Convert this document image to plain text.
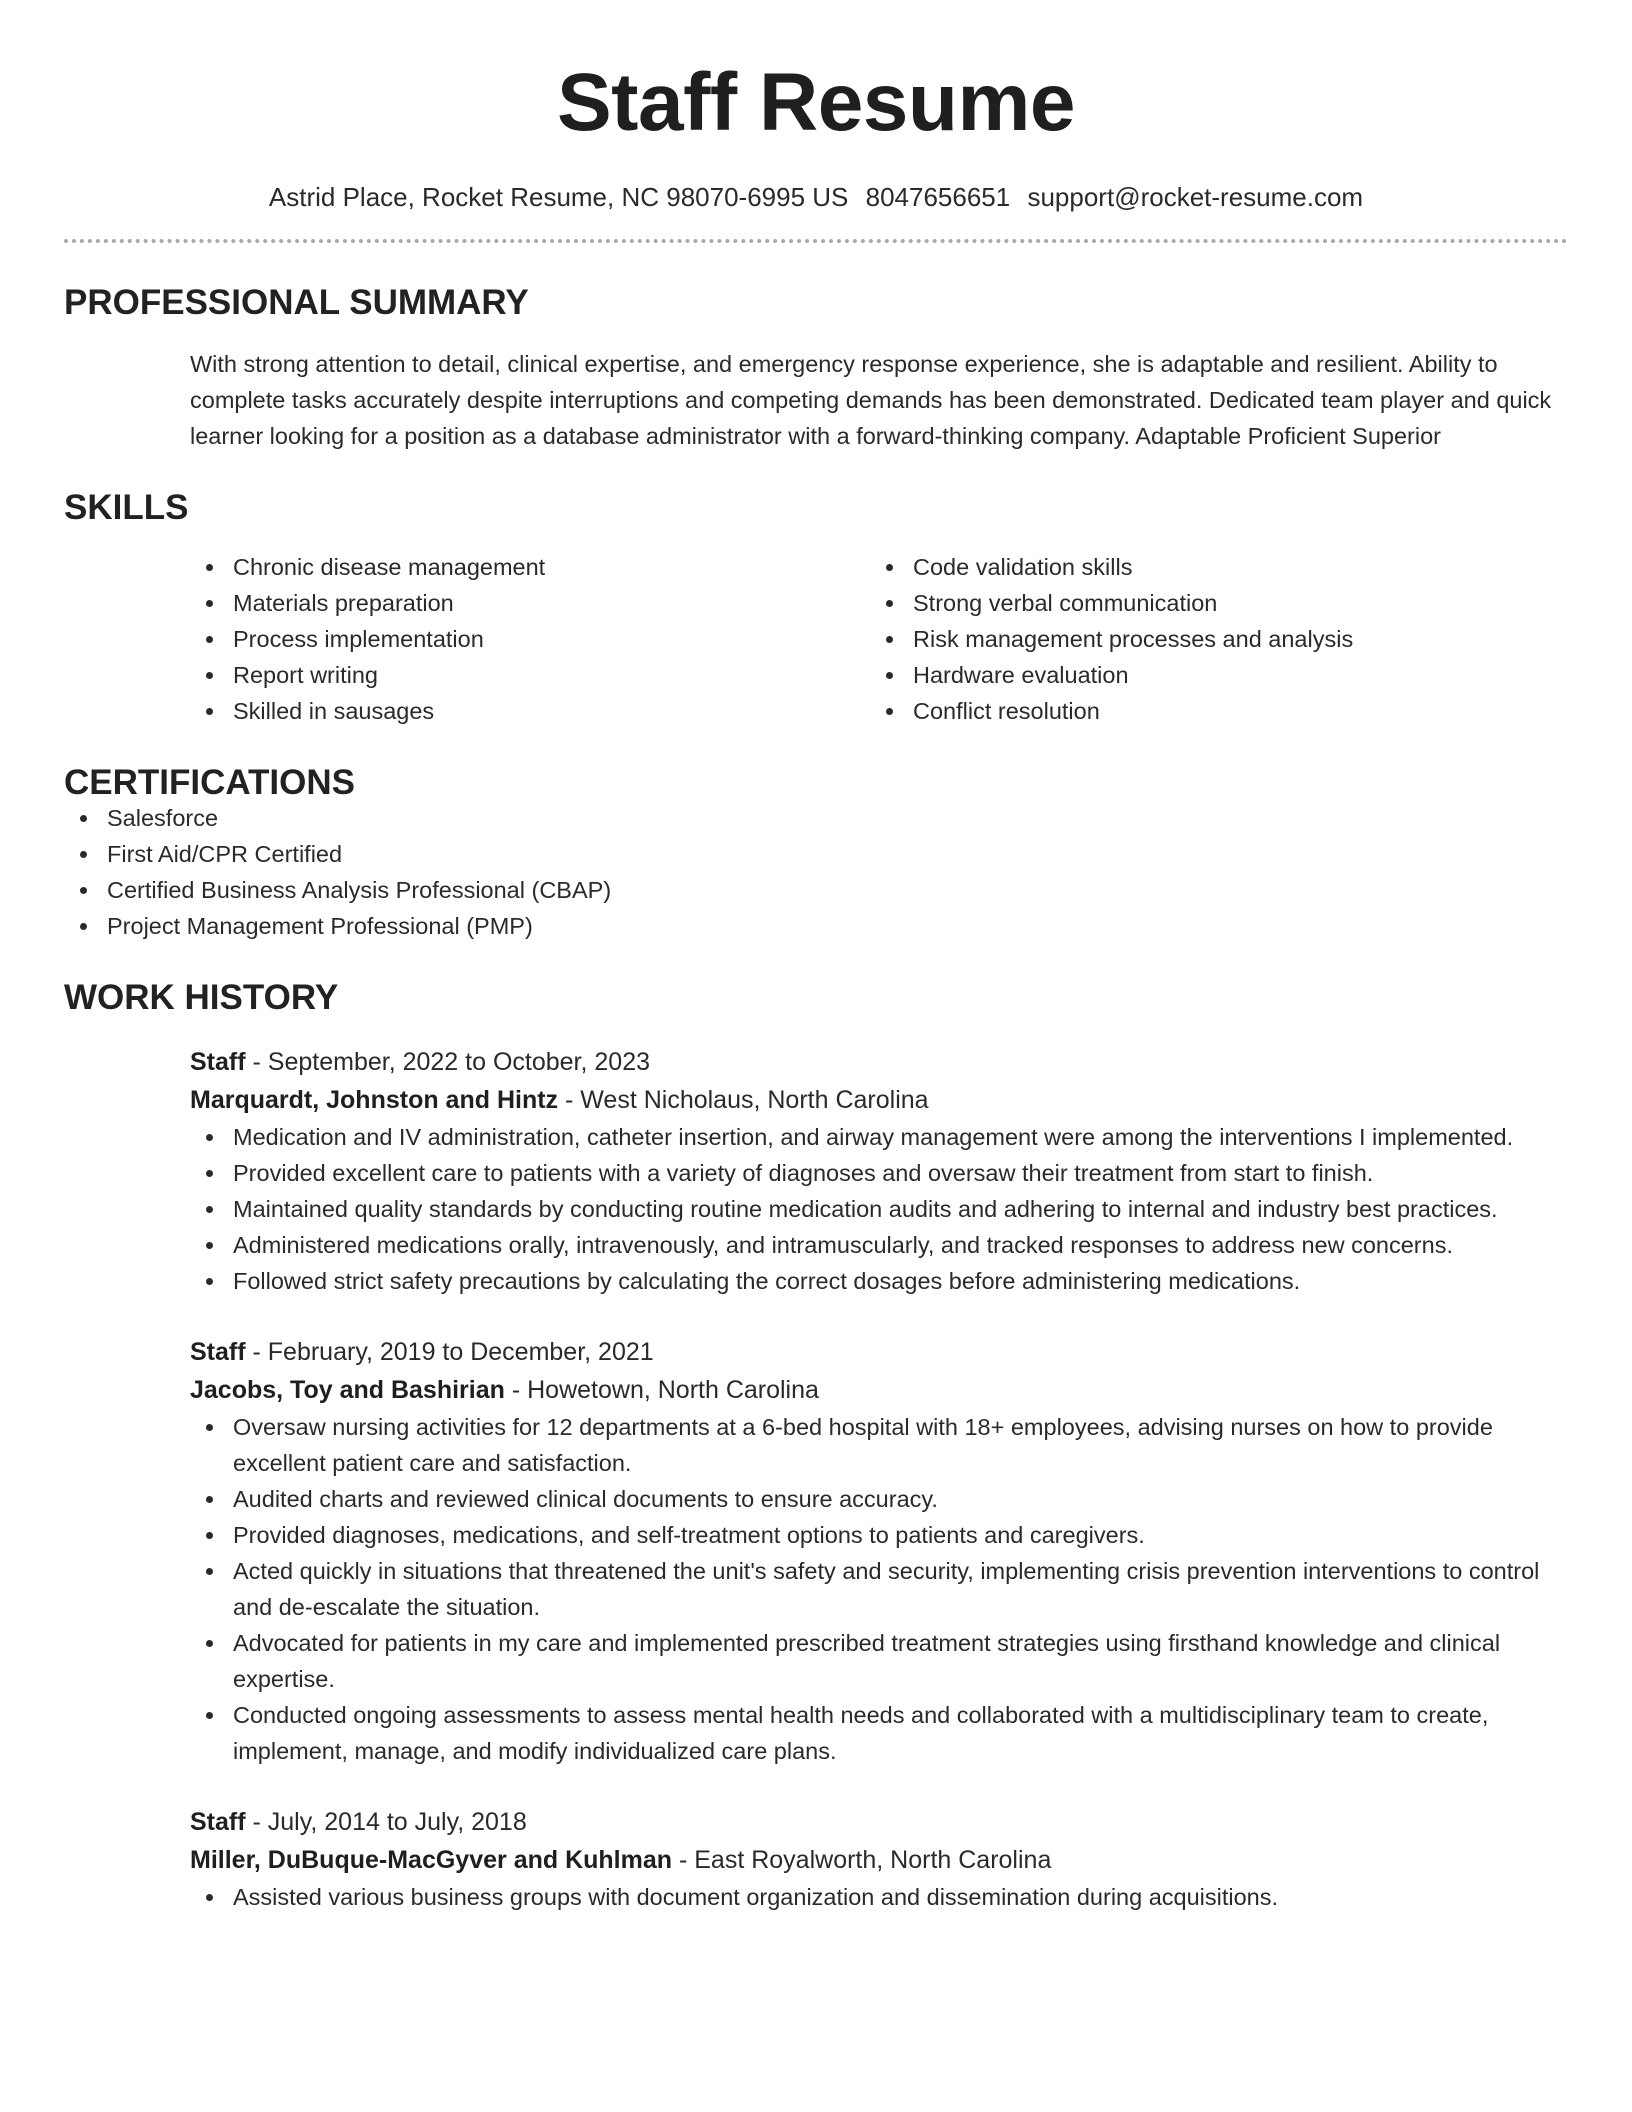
Staff Resume
Astrid Place, Rocket Resume, NC 98070-6995 US 8047656651 support@rocket-resume.com
PROFESSIONAL SUMMARY
With strong attention to detail, clinical expertise, and emergency response experience, she is adaptable and resilient. Ability to complete tasks accurately despite interruptions and competing demands has been demonstrated. Dedicated team player and quick learner looking for a position as a database administrator with a forward-thinking company. Adaptable Proficient Superior
SKILLS
Chronic disease management
Materials preparation
Process implementation
Report writing
Skilled in sausages
Code validation skills
Strong verbal communication
Risk management processes and analysis
Hardware evaluation
Conflict resolution
CERTIFICATIONS
Salesforce
First Aid/CPR Certified
Certified Business Analysis Professional (CBAP)
Project Management Professional (PMP)
WORK HISTORY
Staff - September, 2022 to October, 2023
Marquardt, Johnston and Hintz - West Nicholaus, North Carolina
Medication and IV administration, catheter insertion, and airway management were among the interventions I implemented.
Provided excellent care to patients with a variety of diagnoses and oversaw their treatment from start to finish.
Maintained quality standards by conducting routine medication audits and adhering to internal and industry best practices.
Administered medications orally, intravenously, and intramuscularly, and tracked responses to address new concerns.
Followed strict safety precautions by calculating the correct dosages before administering medications.
Staff - February, 2019 to December, 2021
Jacobs, Toy and Bashirian - Howetown, North Carolina
Oversaw nursing activities for 12 departments at a 6-bed hospital with 18+ employees, advising nurses on how to provide excellent patient care and satisfaction.
Audited charts and reviewed clinical documents to ensure accuracy.
Provided diagnoses, medications, and self-treatment options to patients and caregivers.
Acted quickly in situations that threatened the unit's safety and security, implementing crisis prevention interventions to control and de-escalate the situation.
Advocated for patients in my care and implemented prescribed treatment strategies using firsthand knowledge and clinical expertise.
Conducted ongoing assessments to assess mental health needs and collaborated with a multidisciplinary team to create, implement, manage, and modify individualized care plans.
Staff - July, 2014 to July, 2018
Miller, DuBuque-MacGyver and Kuhlman - East Royalworth, North Carolina
Assisted various business groups with document organization and dissemination during acquisitions.
